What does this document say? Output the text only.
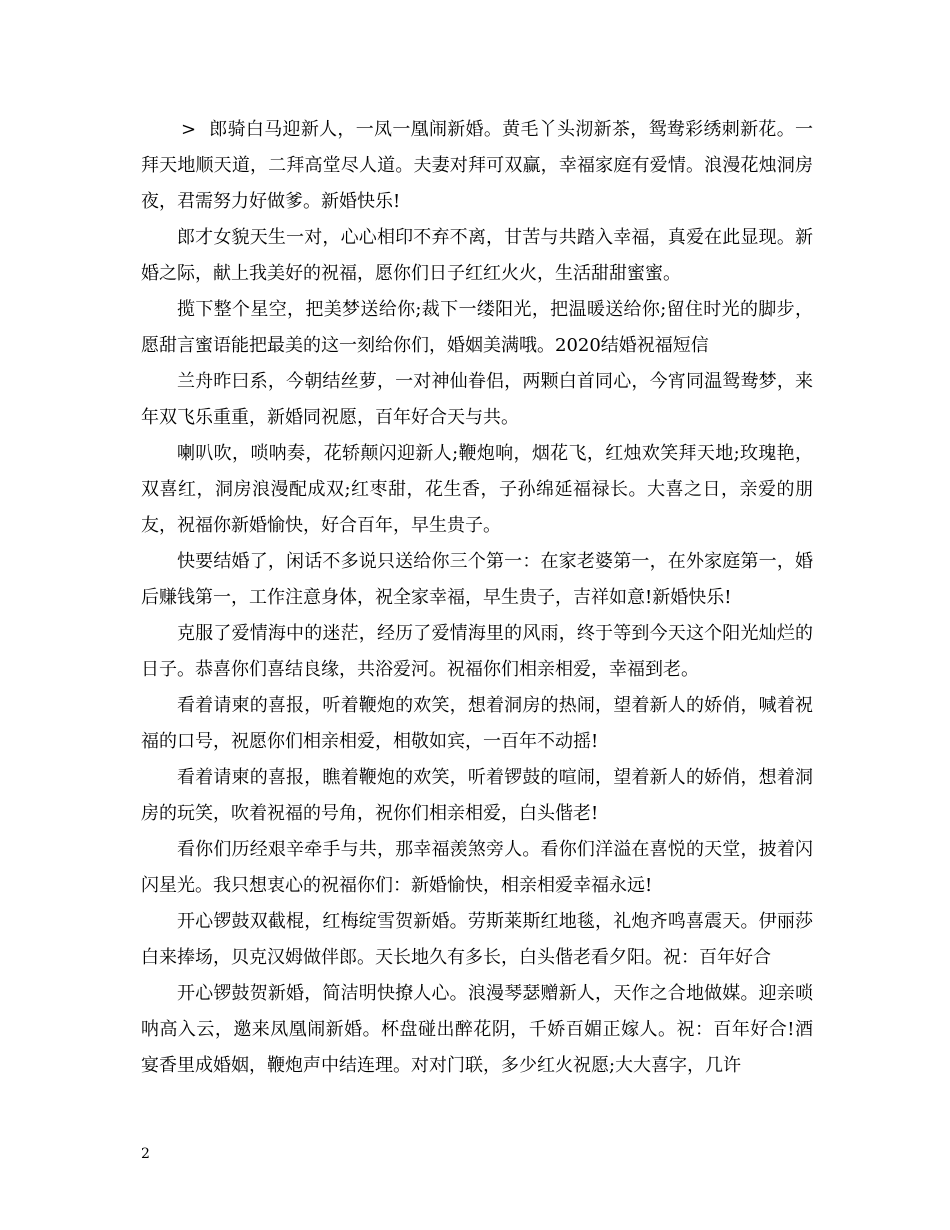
> 郎骑白马迎新人，一凤一凰闹新婚。黄毛丫头沏新茶，鸳鸯彩绣刺新花。一拜天地顺天道，二拜高堂尽人道。夫妻对拜可双赢，幸福家庭有爱情。浪漫花烛洞房夜，君需努力好做爹。新婚快乐!

郎才女貌天生一对，心心相印不弃不离，甘苦与共踏入幸福，真爱在此显现。新婚之际，献上我美好的祝福，愿你们日子红红火火，生活甜甜蜜蜜。

揽下整个星空，把美梦送给你;裁下一缕阳光，把温暖送给你;留住时光的脚步，愿甜言蜜语能把最美的这一刻给你们，婚姻美满哦。2020结婚祝福短信

兰舟昨曰系，今朝结丝萝，一对神仙眷侣，两颗白首同心，今宵同温鸳鸯梦，来年双飞乐重重，新婚同祝愿，百年好合天与共。

喇叭吹，唢呐奏，花轿颠闪迎新人;鞭炮响，烟花飞，红烛欢笑拜天地;玫瑰艳，双喜红，洞房浪漫配成双;红枣甜，花生香，子孙绵延福禄长。大喜之日，亲爱的朋友，祝福你新婚愉快，好合百年，早生贵子。

快要结婚了，闲话不多说只送给你三个第一：在家老婆第一，在外家庭第一，婚后赚钱第一，工作注意身体，祝全家幸福，早生贵子，吉祥如意!新婚快乐!

克服了爱情海中的迷茫，经历了爱情海里的风雨，终于等到今天这个阳光灿烂的日子。恭喜你们喜结良缘，共浴爱河。祝福你们相亲相爱，幸福到老。

看着请柬的喜报，听着鞭炮的欢笑，想着洞房的热闹，望着新人的娇俏，喊着祝福的口号，祝愿你们相亲相爱，相敬如宾，一百年不动摇!

看着请柬的喜报，瞧着鞭炮的欢笑，听着锣鼓的喧闹，望着新人的娇俏，想着洞房的玩笑，吹着祝福的号角，祝你们相亲相爱，白头偕老!

看你们历经艰辛牵手与共，那幸福羡煞旁人。看你们洋溢在喜悦的天堂，披着闪闪星光。我只想衷心的祝福你们：新婚愉快，相亲相爱幸福永远!

开心锣鼓双截棍，红梅绽雪贺新婚。劳斯莱斯红地毯，礼炮齐鸣喜震天。伊丽莎白来捧场，贝克汉姆做伴郎。天长地久有多长，白头偕老看夕阳。祝：百年好合

开心锣鼓贺新婚，简洁明快撩人心。浪漫琴瑟赠新人，天作之合地做媒。迎亲唢呐高入云，邀来凤凰闹新婚。杯盘碰出醉花阴，千娇百媚正嫁人。祝：百年好合!酒宴香里成婚姻，鞭炮声中结连理。对对门联，多少红火祝愿;大大喜字，几许

2
